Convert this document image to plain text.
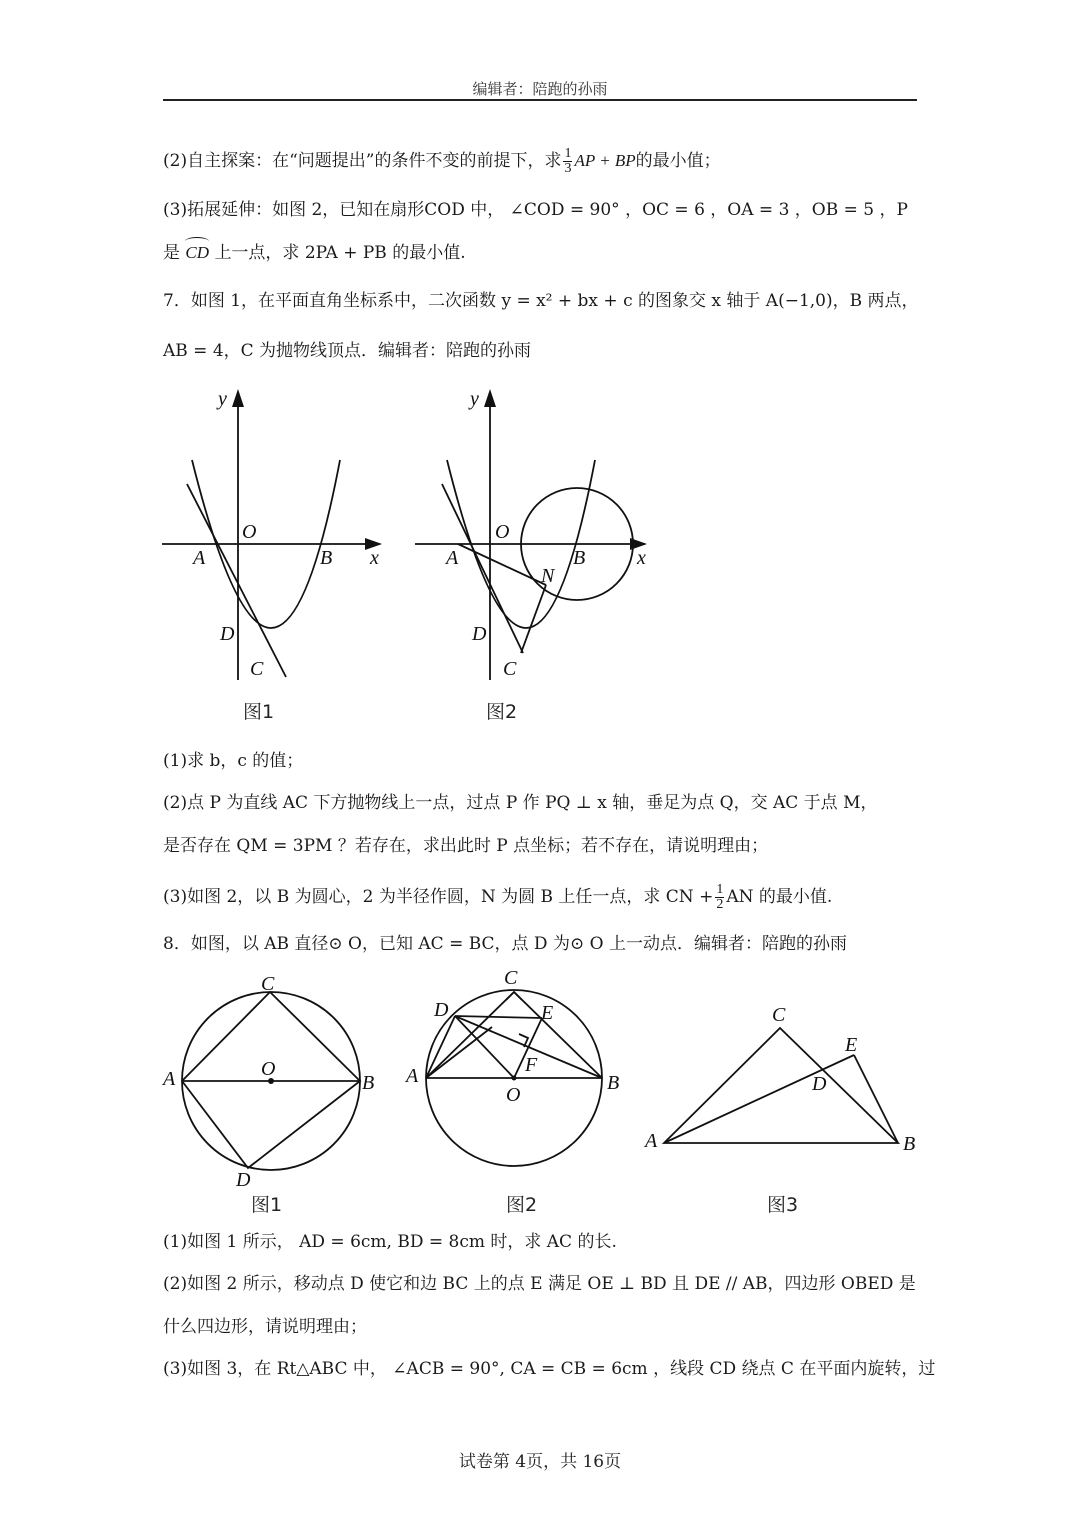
编辑者：陪跑的孙雨
(2)自主探案：在“问题提出”的条件不变的前提下，求 $\frac{1}{3}$ AP + BP的最小值；
(3)拓展延伸：如图 2，已知在扇形COD 中， ∠COD = 90° ，OC = 6 ，OA = 3 ，OB = 5 ，P
是 CD 上一点，求 2PA + PB 的最小值.
7．如图 1，在平面直角坐标系中，二次函数 y = x² + bx + c 的图象交 x 轴于 A(−1,0)，B 两点，
AB = 4，C 为抛物线顶点．编辑者：陪跑的孙雨
y
x
O
A	B
D
C
图1
y
x
O
A	B
N
D
C
图2
(1)求 b，c 的值；
(2)点 P 为直线 AC 下方抛物线上一点，过点 P 作 PQ ⊥ x 轴，垂足为点 Q，交 AC 于点 M，
是否存在 QM = 3PM ？若存在，求出此时 P 点坐标；若不存在，请说明理由；
(3)如图 2，以 B 为圆心，2 为半径作圆，N 为圆 B 上任一点，求 CN + $\frac{1}{2}$ AN 的最小值.
8．如图，以 AB 直径⊙ O，已知 AC = BC，点 D 为⊙ O 上一动点．编辑者：陪跑的孙雨
C
A	O
B
D
图1
C
D	E
F
A
O
B
图2
C
E
D
A	B
图3
(1)如图 1 所示， AD = 6cm, BD = 8cm 时，求 AC 的长.
(2)如图 2 所示，移动点 D 使它和边 BC 上的点 E 满足 OE ⊥ BD 且 DE // AB，四边形 OBED 是
什么四边形，请说明理由；
(3)如图 3，在 Rt△ABC 中， ∠ACB = 90°, CA = CB = 6cm ，线段 CD 绕点 C 在平面内旋转，过
试卷第 4页，共 16页
